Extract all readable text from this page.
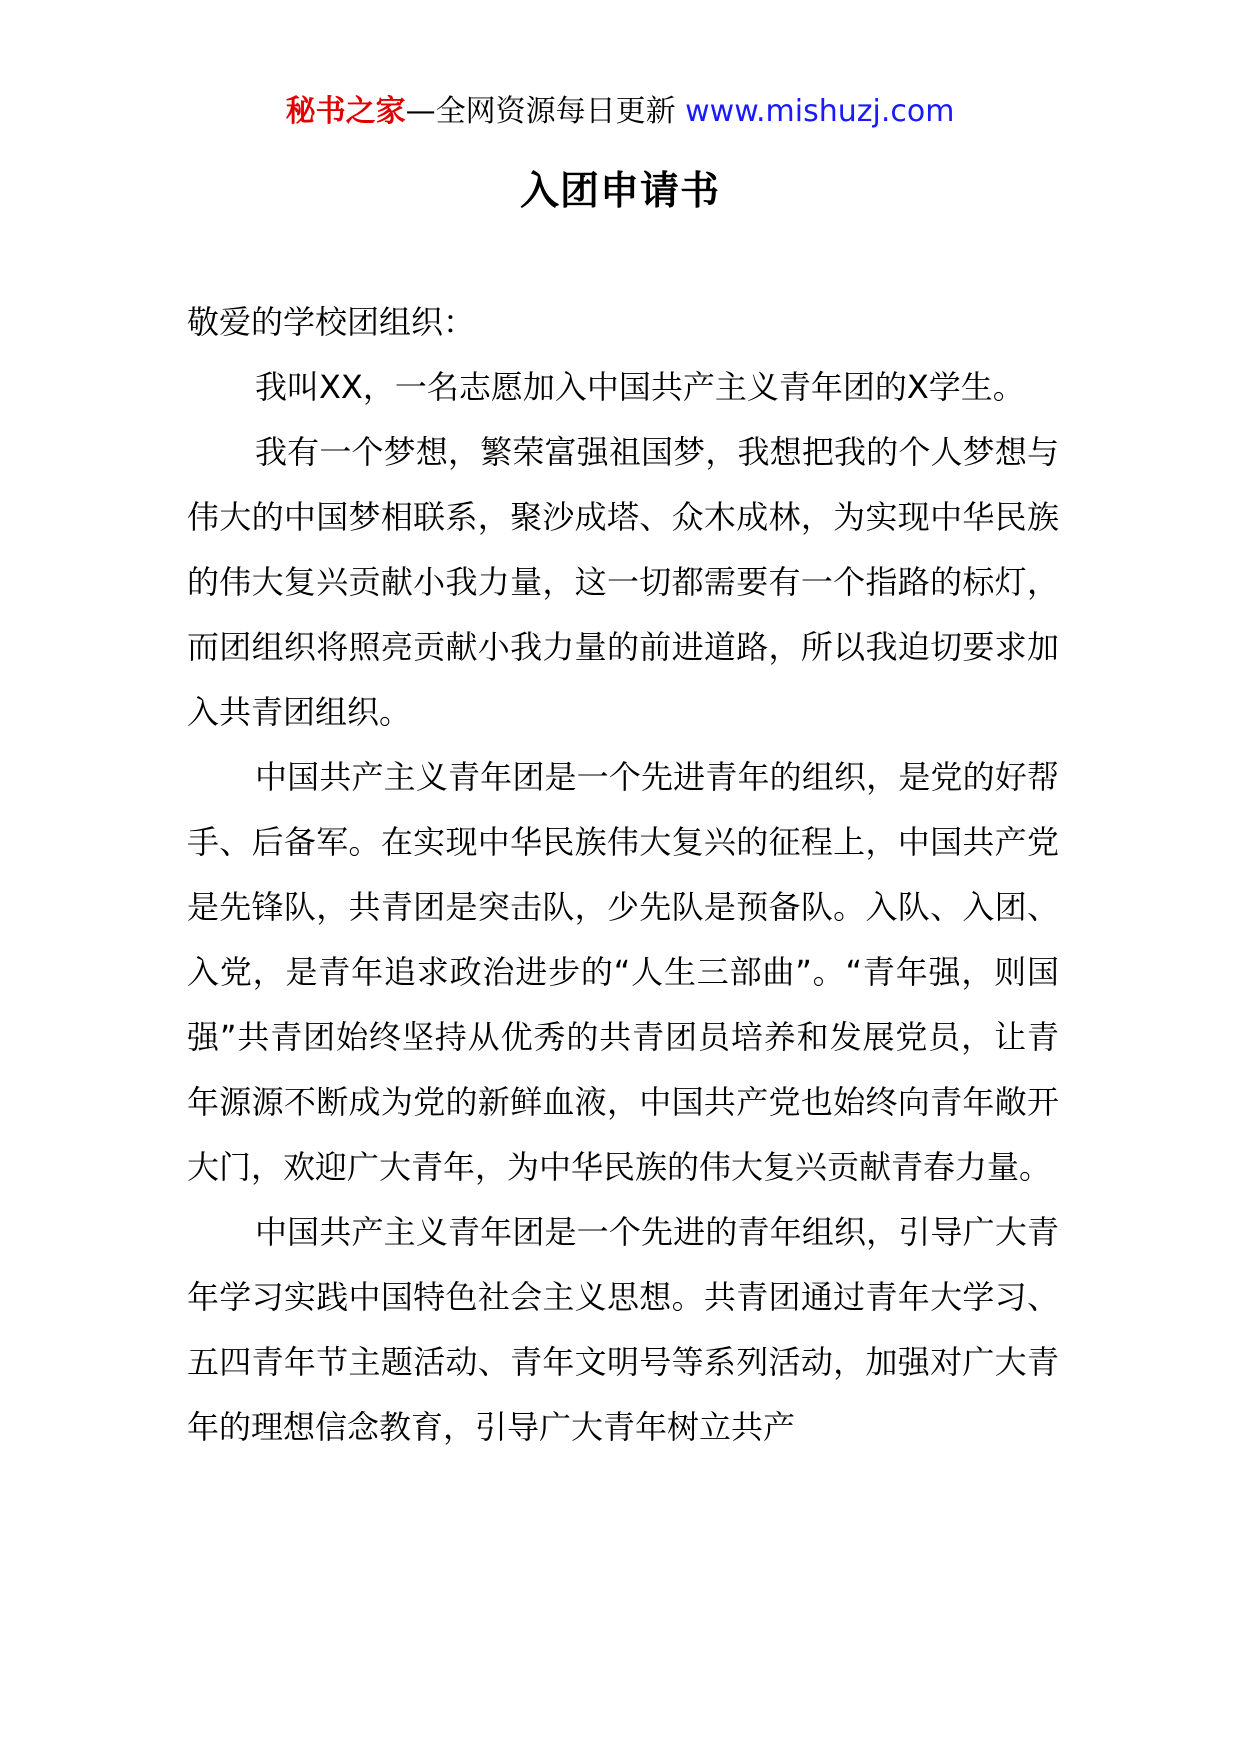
秘书之家—全网资源每日更新 www.mishuzj.com
入团申请书

敬爱的学校团组织：

我叫XX，一名志愿加入中国共产主义青年团的X学生。

我有一个梦想，繁荣富强祖国梦，我想把我的个人梦想与伟大的中国梦相联系，聚沙成塔、众木成林，为实现中华民族的伟大复兴贡献小我力量，这一切都需要有一个指路的标灯，而团组织将照亮贡献小我力量的前进道路，所以我迫切要求加入共青团组织。

中国共产主义青年团是一个先进青年的组织，是党的好帮手、后备军。在实现中华民族伟大复兴的征程上，中国共产党是先锋队，共青团是突击队，少先队是预备队。入队、入团、入党，是青年追求政治进步的“人生三部曲”。“青年强，则国强”共青团始终坚持从优秀的共青团员培养和发展党员，让青年源源不断成为党的新鲜血液，中国共产党也始终向青年敞开大门，欢迎广大青年，为中华民族的伟大复兴贡献青春力量。

中国共产主义青年团是一个先进的青年组织，引导广大青年学习实践中国特色社会主义思想。共青团通过青年大学习、五四青年节主题活动、青年文明号等系列活动，加强对广大青年的理想信念教育，引导广大青年树立共产
